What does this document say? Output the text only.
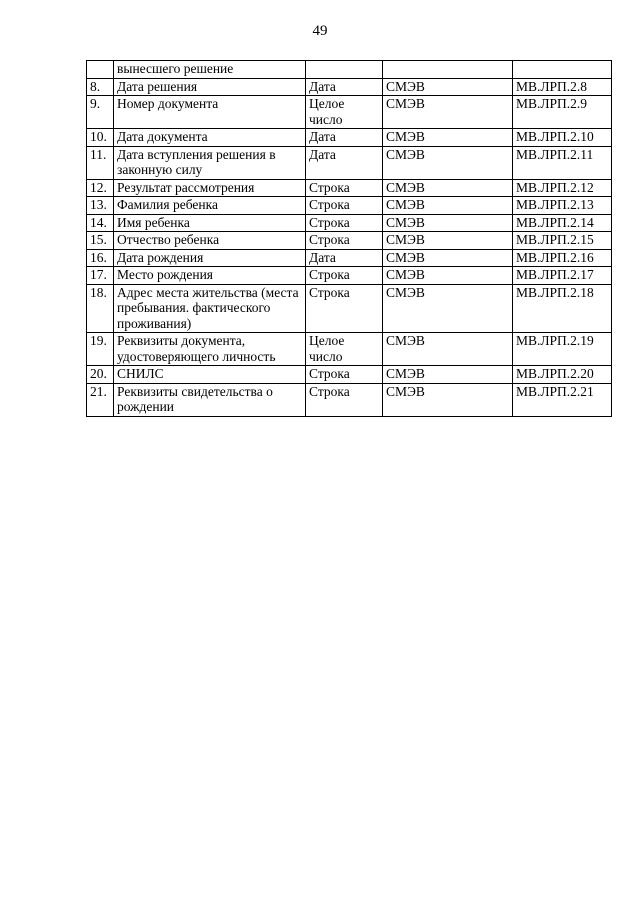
49
	вынесшего решение			
8.	Дата решения	Дата	СМЭВ	МВ.ЛРП.2.8
9.	Номер документа	Целое число	СМЭВ	МВ.ЛРП.2.9
10.	Дата документа	Дата	СМЭВ	МВ.ЛРП.2.10
11.	Дата вступления решения в законную силу	Дата	СМЭВ	МВ.ЛРП.2.11
12.	Результат рассмотрения	Строка	СМЭВ	МВ.ЛРП.2.12
13.	Фамилия ребенка	Строка	СМЭВ	МВ.ЛРП.2.13
14.	Имя ребенка	Строка	СМЭВ	МВ.ЛРП.2.14
15.	Отчество ребенка	Строка	СМЭВ	МВ.ЛРП.2.15
16.	Дата рождения	Дата	СМЭВ	МВ.ЛРП.2.16
17.	Место рождения	Строка	СМЭВ	МВ.ЛРП.2.17
18.	Адрес места жительства (места пребывания. фактического проживания)	Строка	СМЭВ	МВ.ЛРП.2.18
19.	Реквизиты документа, удостоверяющего личность	Целое число	СМЭВ	МВ.ЛРП.2.19
20.	СНИЛС	Строка	СМЭВ	МВ.ЛРП.2.20
21.	Реквизиты свидетельства о рождении	Строка	СМЭВ	МВ.ЛРП.2.21
